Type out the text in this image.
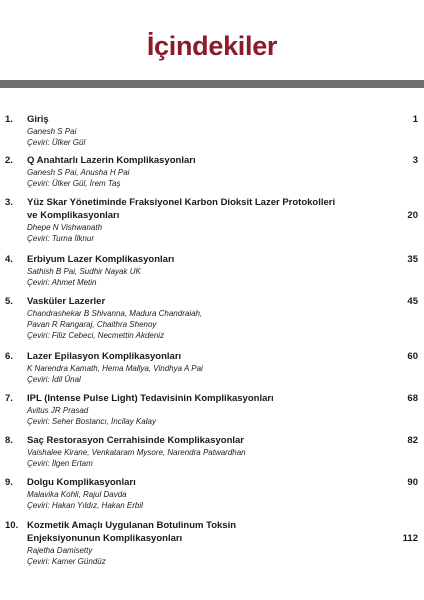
İçindekiler
1. Giriş
Ganesh S Pai
Çeviri: Ülker Gül
1
2. Q Anahtarlı Lazerin Komplikasyonları
Ganesh S Pai, Anusha H Pai
Çeviri: Ülker Gül, İrem Taş
3
3. Yüz Skar Yönetiminde Fraksiyonel Karbon Dioksit Lazer Protokolleri
ve Komplikasyonları
Dhepe N Vishwanath
Çeviri: Turna İlknur
20
4. Erbiyum Lazer Komplikasyonları
Sathish B Pai, Sudhir Nayak UK
Çeviri: Ahmet Metin
35
5. Vasküler Lazerler
Chandrashekar B Shivanna, Madura Chandraiah,
Pavan R Rangaraj, Chaithra Shenoy
Çeviri: Filiz Cebeci, Necmettin Akdeniz
45
6. Lazer Epilasyon Komplikasyonları
K Narendra Kamath, Hema Mallya, Vindhya A Pai
Çeviri: İdil Ünal
60
7. IPL (Intense Pulse Light) Tedavisinin Komplikasyonları
Avitus JR Prasad
Çeviri: Seher Bostancı, İncilay Kalay
68
8. Saç Restorasyon Cerrahisinde Komplikasyonlar
Vaishalee Kirane, Venkataram Mysore, Narendra Patwardhan
Çeviri: İlgen Ertam
82
9. Dolgu Komplikasyonları
Malavika Kohli, Rajul Davda
Çeviri: Hakan Yıldız, Hakan Erbil
90
10. Kozmetik Amaçlı Uygulanan Botulinum Toksin
Enjeksiyonunun Komplikasyonları
Rajetha Damisetty
Çeviri: Kamer Gündüz
112
